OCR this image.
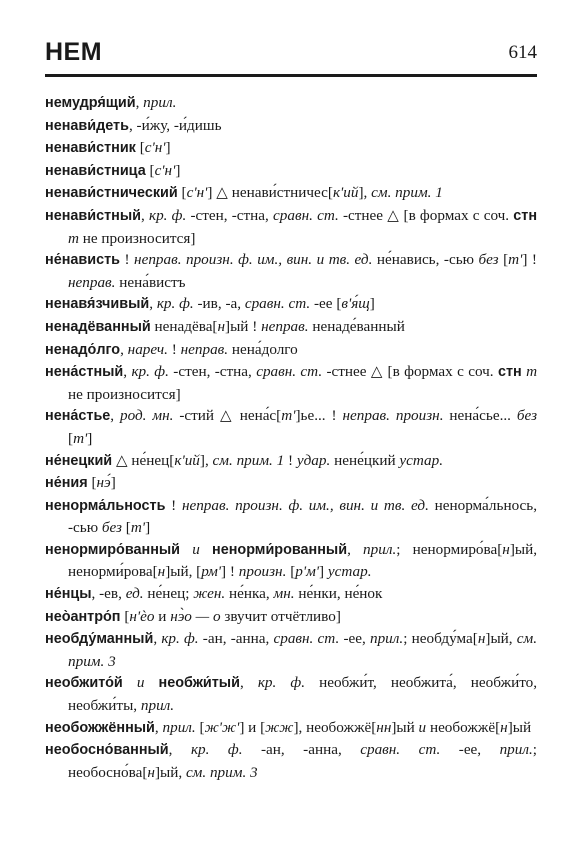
НЕМ	614

немудря́щий, прил.

ненави́деть, -и́жу, -и́дишь

ненави́стник [сʹнʹ]

ненави́стница [сʹнʹ]

ненави́стнический [сʹнʹ] △ ненави́стничес[кʹий], см. прим. 1

ненави́стный, кр. ф. -стен, -стна, сравн. ст. -стнее △ [в формах с соч. стн т не произносится]

не́нависть ! неправ. произн. ф. им., вин. и тв. ед. не́навись, -сью без [тʹ] ! неправ. нена́вистъ

ненавя́зчивый, кр. ф. -ив, -а, сравн. ст. -ее [вʹя́щ]

ненадёванный ненадёва[н]ый ! неправ. ненаде́ванный

ненадо́лго, нареч. ! неправ. нена́долго

нена́стный, кр. ф. -стен, -стна, сравн. ст. -стнее △ [в формах с соч. стн т не произносится]

нена́стье, род. мн. -стий △ нена́с[тʹ]ье... ! неправ. произн. нена́сье... без [тʹ]

не́нецкий △ не́нец[кʹий], см. прим. 1 ! удар. нене́цкий устар.

не́ния [нэ́]

ненорма́льность ! неправ. произн. ф. им., вин. и тв. ед. ненорма́льнось, -сью без [тʹ]

ненормиро́ванный и ненорми́рованный, прил.; ненормиро́ва[н]ый, ненорми́рова[н]ый, [рмʹ] ! произн. [рʹмʹ] устар.

не́нцы, -ев, ед. не́нец; жен. не́нка, мн. не́нки, не́нок

нео̀антро́п [нʹѐо и нэ̀о — о звучит отчётливо]

необду́манный, кр. ф. -ан, -анна, сравн. ст. -ее, прил.; необду́ма[н]ый, см. прим. 3

необжито́й и необжи́тый, кр. ф. необжи́т, необжита́, необжи́то, необжи́ты, прил.

необожжённый, прил. [жʹжʹ] и [жж], необожжё[нн]ый и необожжё[н]ый

необосно́ванный, кр. ф. -ан, -анна, сравн. ст. -ее, прил.; необосно́ва[н]ый, см. прим. 3
